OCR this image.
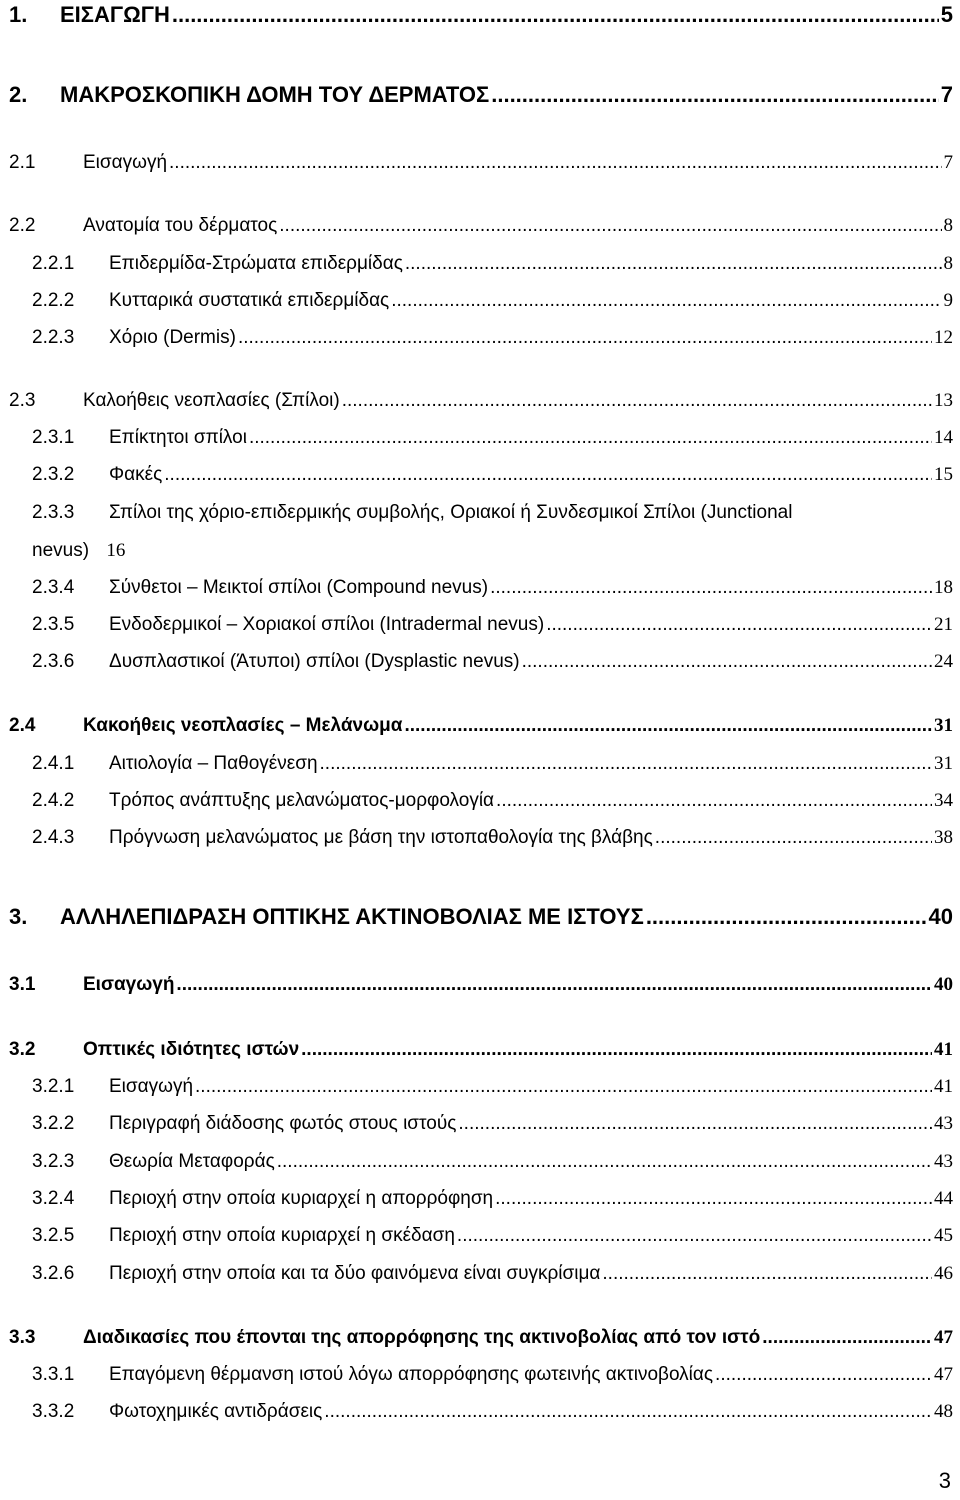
1.	ΕΙΣΑΓΩΓΗ .....	5
2.	ΜΑΚΡΟΣΚΟΠΙΚΗ ΔΟΜΗ ΤΟΥ ΔΕΡΜΑΤΟΣ .....	7
2.1	Εισαγωγή .....	7
2.2	Ανατομία του δέρματος .....	8
2.2.1	Επιδερμίδα-Στρώματα επιδερμίδας .....	8
2.2.2	Κυτταρικά συστατικά επιδερμίδας .....	9
2.2.3	Χόριο (Dermis) .....	12
2.3	Καλοήθεις νεοπλασίες (Σπίλοι) .....	13
2.3.1	Επίκτητοι σπίλοι .....	14
2.3.2	Φακές .....	15
2.3.3	Σπίλοι της χόριο-επιδερμικής συμβολής, Οριακοί ή Συνδεσμικοί Σπίλοι (Junctional
nevus) 16
2.3.4	Σύνθετοι – Μεικτοί σπίλοι (Compound nevus) .....	18
2.3.5	Ενδοδερμικοί – Χοριακοί σπίλοι (Intradermal nevus) .....	21
2.3.6	Δυσπλαστικοί (Άτυποι) σπίλοι (Dysplastic nevus) .....	24
2.4	Κακοήθεις νεοπλασίες – Μελάνωμα .....	31
2.4.1	Αιτιολογία – Παθογένεση .....	31
2.4.2	Τρόπος ανάπτυξης μελανώματος-μορφολογία .....	34
2.4.3	Πρόγνωση μελανώματος με βάση την ιστοπαθολογία της βλάβης .....	38
3.	ΑΛΛΗΛΕΠΙΔΡΑΣΗ ΟΠΤΙΚΗΣ ΑΚΤΙΝΟΒΟΛΙΑΣ ΜΕ ΙΣΤΟΥΣ .....	40
3.1	Εισαγωγή .....	40
3.2	Οπτικές ιδιότητες ιστών .....	41
3.2.1	Εισαγωγή .....	41
3.2.2	Περιγραφή διάδοσης φωτός στους ιστούς .....	43
3.2.3	Θεωρία Μεταφοράς .....	43
3.2.4	Περιοχή στην οποία κυριαρχεί η απορρόφηση .....	44
3.2.5	Περιοχή στην οποία κυριαρχεί η σκέδαση .....	45
3.2.6	Περιοχή στην οποία και τα δύο φαινόμενα είναι συγκρίσιμα .....	46
3.3	Διαδικασίες που έπονται της απορρόφησης της ακτινοβολίας από τον ιστό .....	47
3.3.1	Επαγόμενη θέρμανση ιστού λόγω απορρόφησης φωτεινής ακτινοβολίας .....	47
3.3.2	Φωτοχημικές αντιδράσεις .....	48
3
